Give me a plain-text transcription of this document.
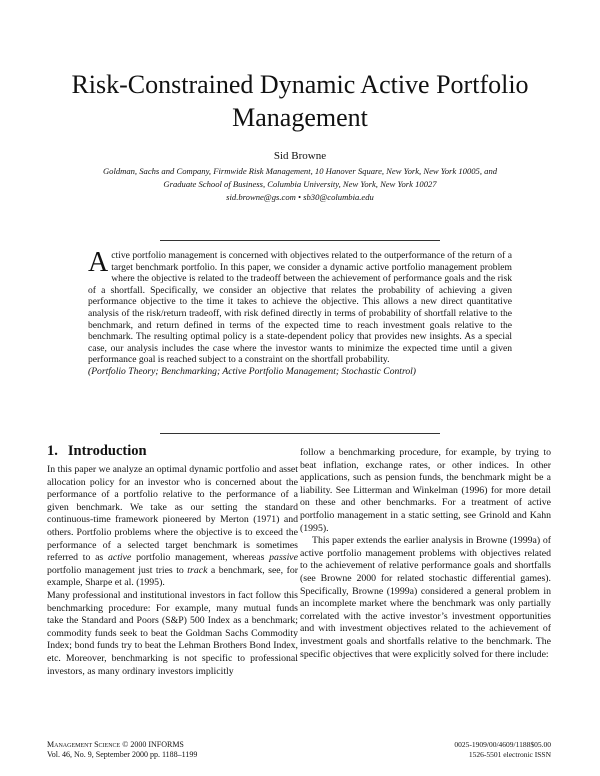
Risk-Constrained Dynamic Active Portfolio
Management
Sid Browne
Goldman, Sachs and Company, Firmwide Risk Management, 10 Hanover Square, New York, New York 10005, and
Graduate School of Business, Columbia University, New York, New York 10027
sid.browne@gs.com • sb30@columbia.edu
Active portfolio management is concerned with objectives related to the outperformance of the return of a target benchmark portfolio. In this paper, we consider a dynamic active portfolio management problem where the objective is related to the tradeoff between the achievement of performance goals and the risk of a shortfall. Specifically, we consider an objective that relates the probability of achieving a given performance objective to the time it takes to achieve the objective. This allows a new direct quantitative analysis of the risk/return tradeoff, with risk defined directly in terms of probability of shortfall relative to the benchmark, and return defined in terms of the expected time to reach investment goals relative to the benchmark. The resulting optimal policy is a state-dependent policy that provides new insights. As a special case, our analysis includes the case where the investor wants to minimize the expected time until a given performance goal is reached subject to a constraint on the shortfall probability.
(Portfolio Theory; Benchmarking; Active Portfolio Management; Stochastic Control)
1. Introduction

In this paper we analyze an optimal dynamic portfolio and asset allocation policy for an investor who is concerned about the performance of a portfolio relative to the performance of a given benchmark. We take as our setting the standard continuous-time framework pioneered by Merton (1971) and others. Portfolio problems where the objective is to exceed the performance of a selected target benchmark is sometimes referred to as active portfolio management, whereas passive portfolio management just tries to track a benchmark, see, for example, Sharpe et al. (1995).

Many professional and institutional investors in fact follow this benchmarking procedure: For example, many mutual funds take the Standard and Poors (S&P) 500 Index as a benchmark; commodity funds seek to beat the Goldman Sachs Commodity Index; bond funds try to beat the Lehman Brothers Bond Index, etc. Moreover, benchmarking is not specific to professional investors, as many ordinary investors implicitly

follow a benchmarking procedure, for example, by trying to beat inflation, exchange rates, or other indices. In other applications, such as pension funds, the benchmark might be a liability. See Litterman and Winkelman (1996) for more detail on these and other benchmarks. For a treatment of active portfolio management in a static setting, see Grinold and Kahn (1995).

This paper extends the earlier analysis in Browne (1999a) of active portfolio management problems with objectives related to the achievement of relative performance goals and shortfalls (see Browne 2000 for related stochastic differential games). Specifically, Browne (1999a) considered a general problem in an incomplete market where the benchmark was only partially correlated with the active investor’s investment opportunities and with investment objectives related to the achievement of investment goals and shortfalls relative to the benchmark. The specific objectives that were explicitly solved for there include:

Management Science © 2000 INFORMS
Vol. 46, No. 9, September 2000 pp. 1188–1199
0025-1909/00/4609/1188$05.00
1526-5501 electronic ISSN
